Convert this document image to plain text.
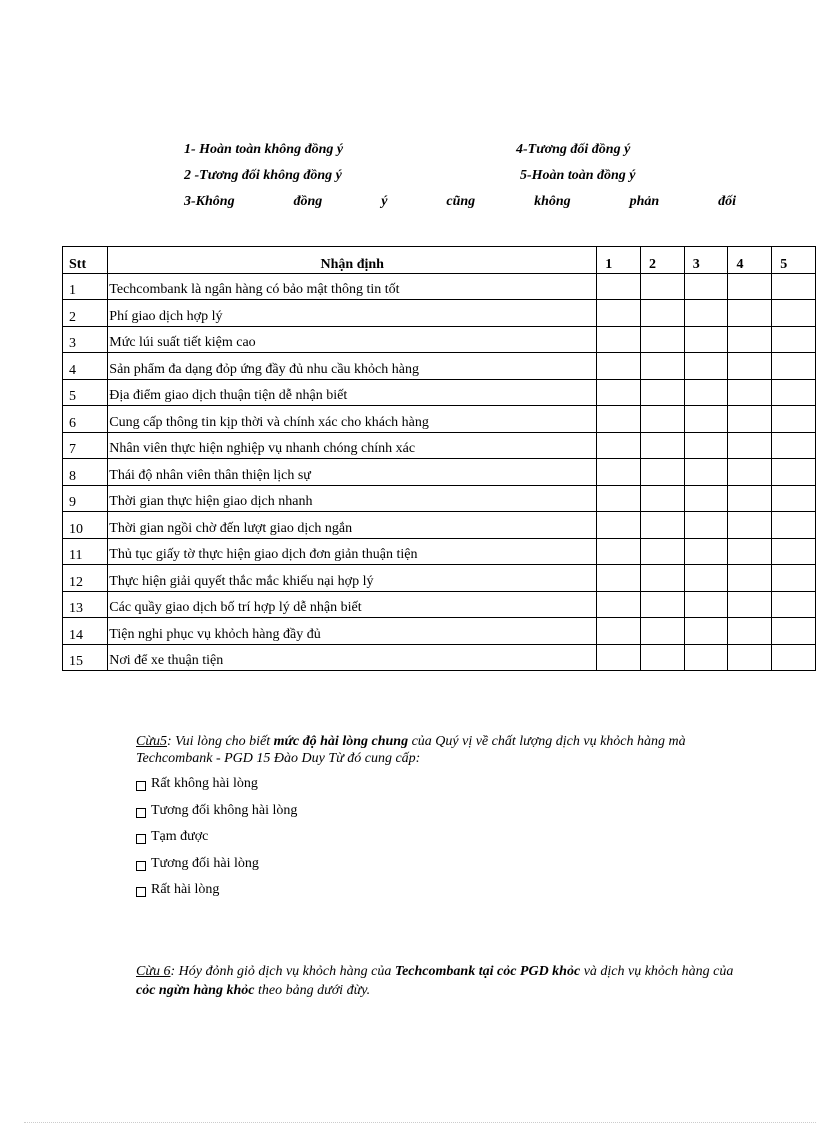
1- Hoàn toàn không đồng ý	4-Tương đối đồng ý
2 -Tương đối không đồng ý	5-Hoàn toàn đồng ý
3-Không	đồng	ý	cũng	không	phản	đối
Stt	Nhận định	1	2	3	4	5
1	Techcombank là ngân hàng có bảo mật thông tin tốt					
2	Phí giao dịch hợp lý					
3	Mức lúi suất tiết kiệm cao					
4	Sản phẩm đa dạng đỏp ứng đầy đủ nhu cầu khỏch hàng					
5	Địa điểm giao dịch thuận tiện dễ nhận biết					
6	Cung cấp thông tin kịp thời và chính xác cho khách hàng					
7	Nhân viên thực hiện nghiệp vụ nhanh chóng chính xác					
8	Thái độ nhân viên thân thiện lịch sự					
9	Thời gian thực hiện giao dịch nhanh					
10	Thời gian ngồi chờ đến lượt giao dịch ngắn					
11	Thủ tục giấy tờ thực hiện giao dịch đơn giản thuận tiện					
12	Thực hiện giải quyết thắc mắc khiếu nại hợp lý					
13	Các quầy giao dịch bố trí hợp lý dễ nhận biết					
14	Tiện nghi phục vụ khỏch hàng đầy đủ					
15	Nơi để xe thuận tiện					
Cừu5: Vui lòng cho biết mức độ hài lòng chung của Quý vị về chất lượng dịch vụ khỏch hàng mà Techcombank - PGD 15 Đào Duy Từ đó cung cấp:
Rất không hài lòng
Tương đối không hài lòng
Tạm được
Tương đối hài lòng
Rất hài lòng
Cừu 6: Hóy đỏnh giỏ dịch vụ khỏch hàng của Techcombank tại cỏc PGD khỏc và dịch vụ khỏch hàng của cỏc ngừn hàng khỏc theo bảng dưới đừy.
